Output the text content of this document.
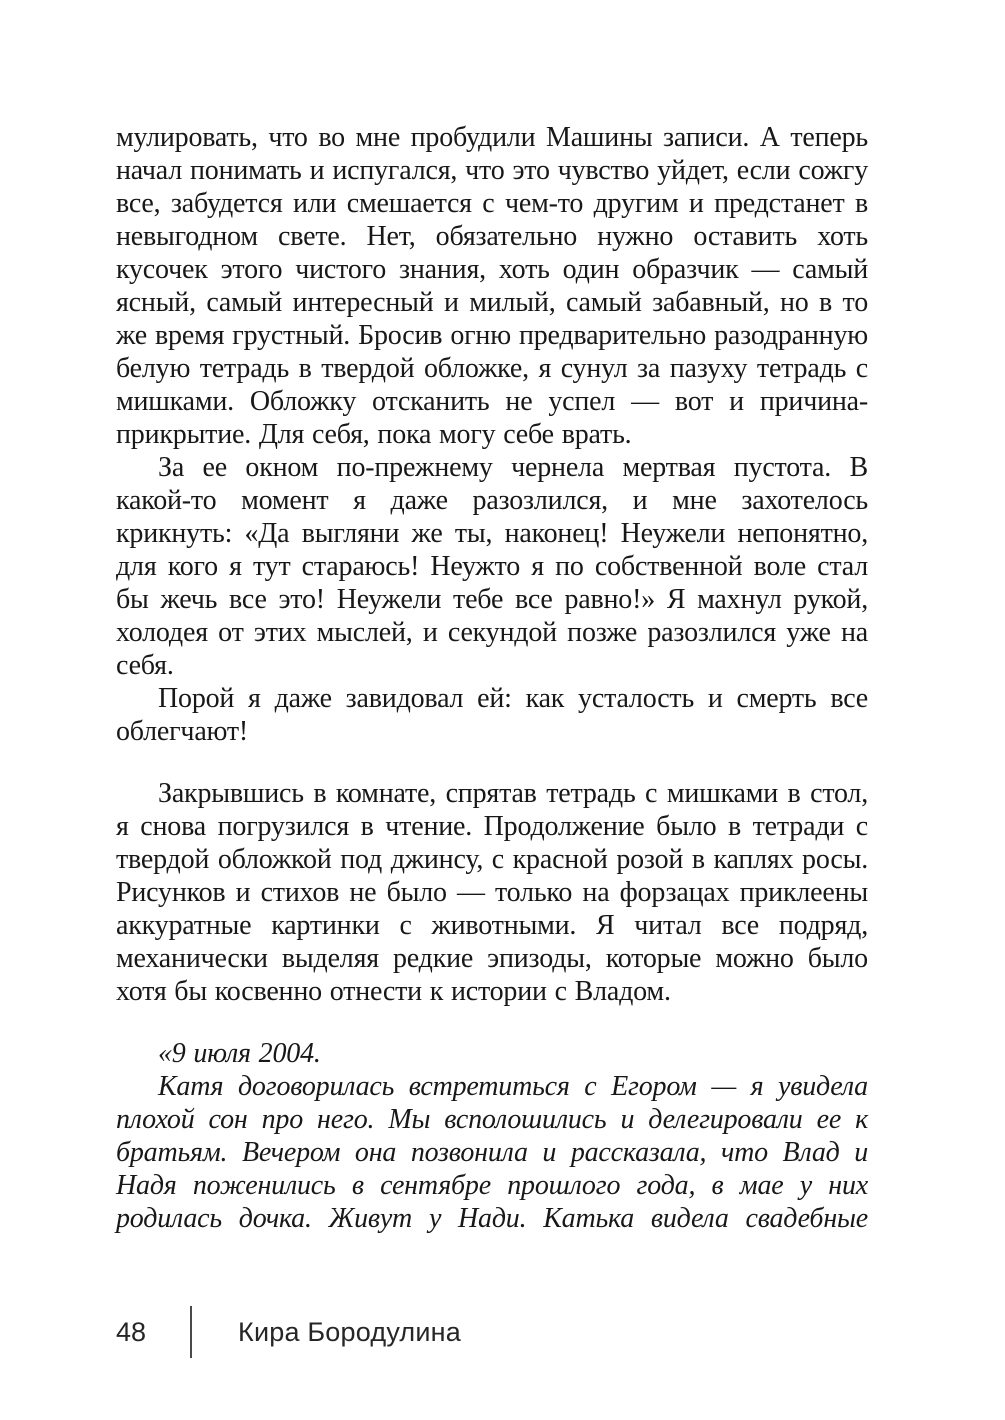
мулировать, что во мне пробудили Машины записи. А теперь начал понимать и испугался, что это чувство уйдет, если сожгу все, забудется или смешается с чем-то другим и предстанет в невыгодном свете. Нет, обязательно нужно оставить хоть кусочек этого чистого знания, хоть один образчик — самый ясный, самый интересный и милый, самый забавный, но в то же время грустный. Бросив огню предварительно разодранную белую тетрадь в твердой обложке, я сунул за пазуху тетрадь с мишками. Обложку отсканить не успел — вот и причина-прикрытие. Для себя, пока могу себе врать.

За ее окном по-прежнему чернела мертвая пустота. В какой-то момент я даже разозлился, и мне захотелось крикнуть: «Да выгляни же ты, наконец! Неужели непонятно, для кого я тут стараюсь! Неужто я по собственной воле стал бы жечь все это! Неужели тебе все равно!» Я махнул рукой, холодея от этих мыслей, и секундой позже разозлился уже на себя.

Порой я даже завидовал ей: как усталость и смерть все облегчают!

Закрывшись в комнате, спрятав тетрадь с мишками в стол, я снова погрузился в чтение. Продолжение было в тетради с твердой обложкой под джинсу, с красной розой в каплях росы. Рисунков и стихов не было — только на форзацах приклеены аккуратные картинки с животными. Я читал все подряд, механически выделяя редкие эпизоды, которые можно было хотя бы косвенно отнести к истории с Владом.

«9 июля 2004.

Катя договорилась встретиться с Егором — я увидела плохой сон про него. Мы всполошились и делегировали ее к братьям. Вечером она позвонила и рассказала, что Влад и Надя поженились в сентябре прошлого года, в мае у них родилась дочка. Живут у Нади. Катька видела свадебные

48	Кира Бородулина
